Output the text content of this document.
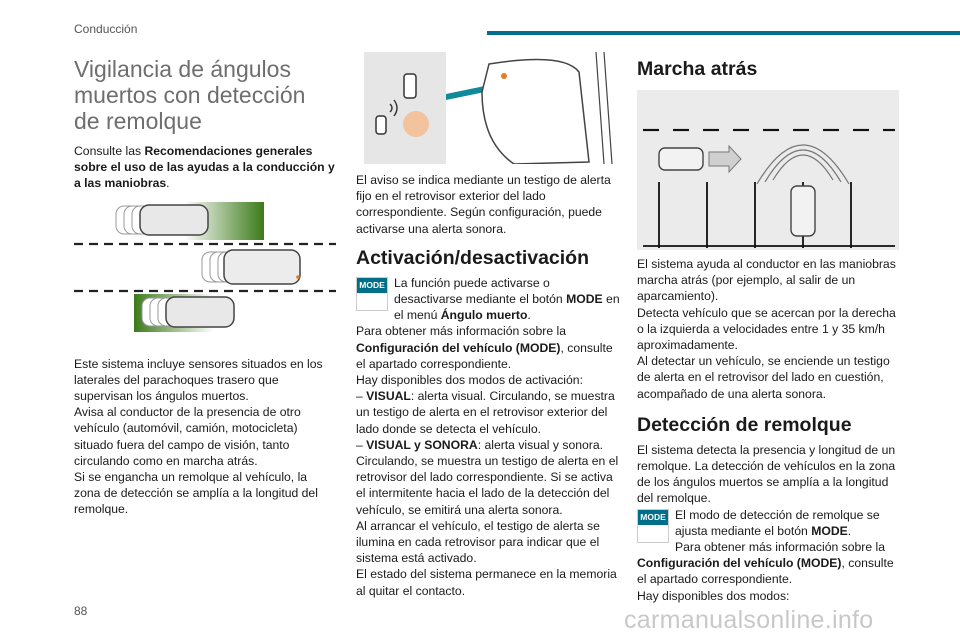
Conducción
Vigilancia de ángulos muertos con detección de remolque

Consulte las Recomendaciones generales sobre el uso de las ayudas a la conducción y a las maniobras.

Este sistema incluye sensores situados en los laterales del parachoques trasero que supervisan los ángulos muertos.

Avisa al conductor de la presencia de otro vehículo (automóvil, camión, motocicleta) situado fuera del campo de visión, tanto circulando como en marcha atrás.

Si se engancha un remolque al vehículo, la zona de detección se amplía a la longitud del remolque.

El aviso se indica mediante un testigo de alerta fijo en el retrovisor exterior del lado correspondiente. Según configuración, puede activarse una alerta sonora.

Activación/desactivación
MODE La función puede activarse o desactivarse mediante el botón MODE en el menú Ángulo muerto.

Para obtener más información sobre la Configuración del vehículo (MODE), consulte el apartado correspondiente.

Hay disponibles dos modos de activación:

– VISUAL: alerta visual. Circulando, se muestra un testigo de alerta en el retrovisor exterior del lado donde se detecta el vehículo.

– VISUAL y SONORA: alerta visual y sonora. Circulando, se muestra un testigo de alerta en el retrovisor del lado correspondiente. Si se activa el intermitente hacia el lado de la detección del vehículo, se emitirá una alerta sonora.

Al arrancar el vehículo, el testigo de alerta se ilumina en cada retrovisor para indicar que el sistema está activado.

El estado del sistema permanece en la memoria al quitar el contacto.

Marcha atrás

El sistema ayuda al conductor en las maniobras marcha atrás (por ejemplo, al salir de un aparcamiento).

Detecta vehículo que se acercan por la derecha o la izquierda a velocidades entre 1 y 35 km/h aproximadamente.

Al detectar un vehículo, se enciende un testigo de alerta en el retrovisor del lado en cuestión, acompañado de una alerta sonora.

Detección de remolque

El sistema detecta la presencia y longitud de un remolque. La detección de vehículos en la zona de los ángulos muertos se amplía a la longitud del remolque.

MODE El modo de detección de remolque se ajusta mediante el botón MODE.

Para obtener más información sobre la Configuración del vehículo (MODE), consulte el apartado correspondiente.

Hay disponibles dos modos:

88	carmanualsonline.info
